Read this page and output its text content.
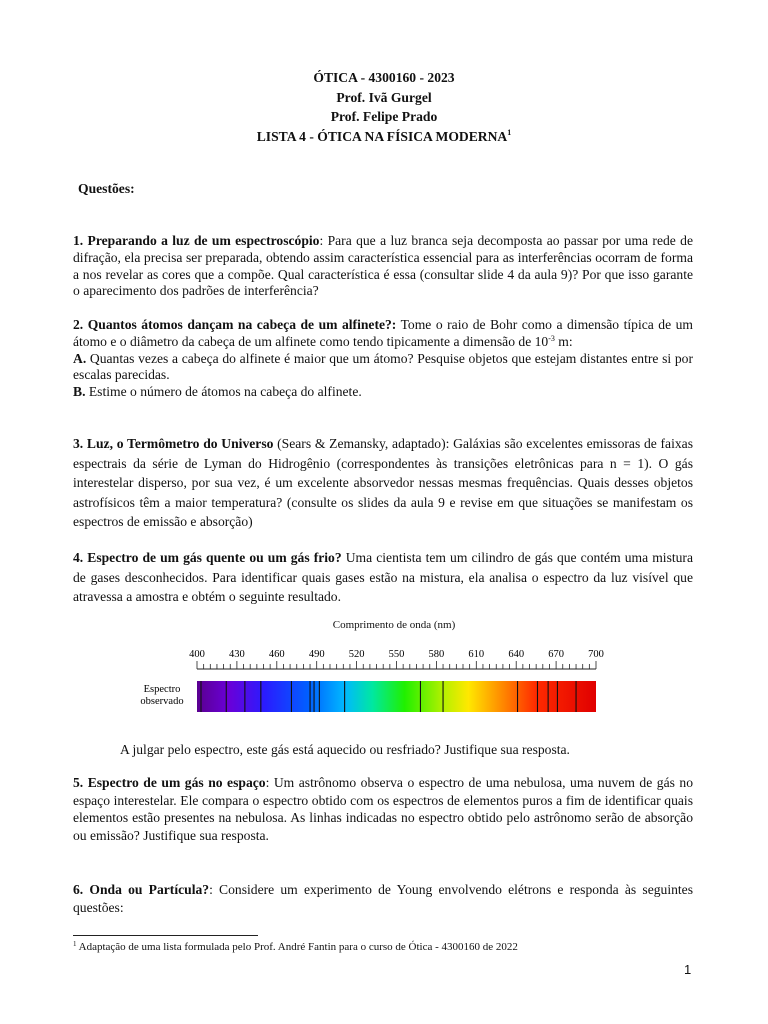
ÓTICA - 4300160 - 2023
Prof. Ivã Gurgel
Prof. Felipe Prado
LISTA 4 - ÓTICA NA FÍSICA MODERNA$^1$
Questões:
1. Preparando a luz de um espectroscópio: Para que a luz branca seja decomposta ao passar por uma rede de difração, ela precisa ser preparada, obtendo assim característica essencial para as interferências ocorram de forma a nos revelar as cores que a compõe. Qual característica é essa (consultar slide 4 da aula 9)? Por que isso garante o aparecimento dos padrões de interferência?
2. Quantos átomos dançam na cabeça de um alfinete?: Tome o raio de Bohr como a dimensão típica de um átomo e o diâmetro da cabeça de um alfinete como tendo tipicamente a dimensão de $10^{-3}$ m:
A. Quantas vezes a cabeça do alfinete é maior que um átomo? Pesquise objetos que estejam distantes entre si por escalas parecidas.
B. Estime o número de átomos na cabeça do alfinete.
3. Luz, o Termômetro do Universo (Sears & Zemansky, adaptado): Galáxias são excelentes emissoras de faixas espectrais da série de Lyman do Hidrogênio (correspondentes às transições eletrônicas para n = 1). O gás interestelar disperso, por sua vez, é um excelente absorvedor nessas mesmas frequências. Quais desses objetos astrofísicos têm a maior temperatura? (consulte os slides da aula 9 e revise em que situações se manifestam os espectros de emissão e absorção)
4. Espectro de um gás quente ou um gás frio? Uma cientista tem um cilindro de gás que contém uma mistura de gases desconhecidos. Para identificar quais gases estão na mistura, ela analisa o espectro da luz visível que atravessa a amostra e obtém o seguinte resultado.
Comprimento de onda (nm)
400 430 460 490 520 550 580 610 640 670 700
Espectro
observado
A julgar pelo espectro, este gás está aquecido ou resfriado? Justifique sua resposta.
5. Espectro de um gás no espaço: Um astrônomo observa o espectro de uma nebulosa, uma nuvem de gás no espaço interestelar. Ele compara o espectro obtido com os espectros de elementos puros a fim de identificar quais elementos estão presentes na nebulosa. As linhas indicadas no espectro obtido pelo astrônomo serão de absorção ou emissão? Justifique sua resposta.
6. Onda ou Partícula?: Considere um experimento de Young envolvendo elétrons e responda às seguintes questões:
$^1$ Adaptação de uma lista formulada pelo Prof. André Fantin para o curso de Ótica - 4300160 de 2022
1
